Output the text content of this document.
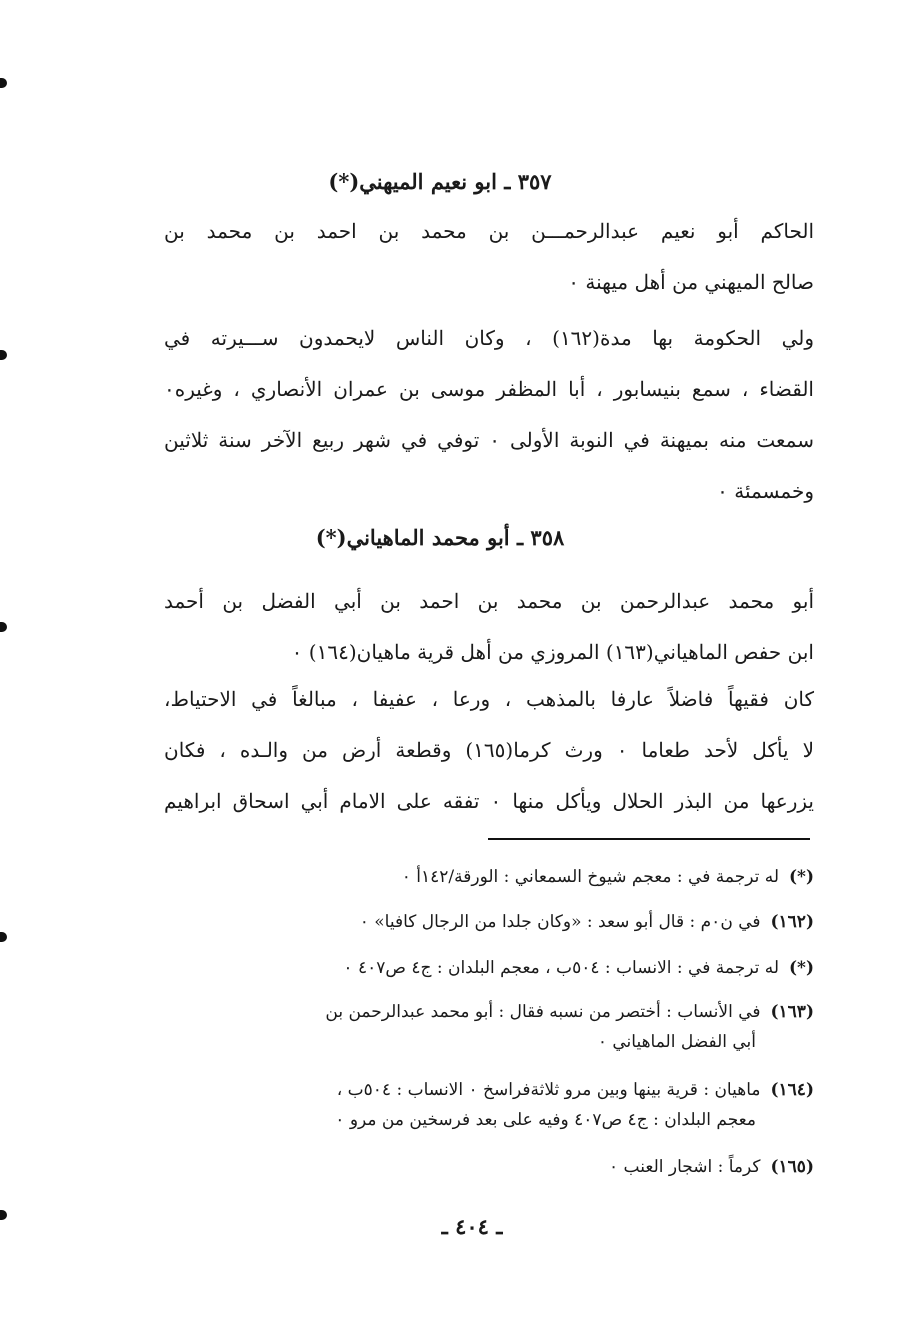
٣٥٧ ـ ابو نعيم الميهني(*)
الحاكم أبو نعيم عبدالرحمـــن بن محمد بن احمد بن محمد بن
صالح الميهني من أهل ميهنة ٠
ولي الحكومة بها مدة(١٦٢) ، وكان الناس لايحمدون ســـيرته في
القضاء ، سمع بنيسابور ، أبا المظفر موسى بن عمران الأنصاري ، وغيره٠
سمعت منه بميهنة في النوبة الأولى ٠ توفي في شهر ربيع الآخر سنة ثلاثين
وخمسمئة ٠
٣٥٨ ـ أبو محمد الماهياني(*)
أبو محمد عبدالرحمن بن محمد بن احمد بن أبي الفضل بن أحمد
ابن حفص الماهياني(١٦٣) المروزي من أهل قرية ماهيان(١٦٤) ٠
كان فقيهاً فاضلاً عارفا بالمذهب ، ورعا ، عفيفا ، مبالغاً في الاحتياط،
لا يأكل لأحد طعاما ٠ ورث كرما(١٦٥) وقطعة أرض من والـده ، فكان
يزرعها من البذر الحلال ويأكل منها ٠ تفقه على الامام أبي اسحاق ابراهيم
(*)له ترجمة في : معجم شيوخ السمعاني : الورقة/١٤٢أ ٠
(١٦٢)في ن٠م : قال أبو سعد : «وكان جلدا من الرجال كافيا» ٠
(*)له ترجمة في : الانساب : ٥٠٤ب ، معجم البلدان : ج٤ ص٤٠٧ ٠
(١٦٣)في الأنساب : أختصر من نسبه فقال : أبو محمد عبدالرحمن بن
أبي الفضل الماهياني ٠
(١٦٤)ماهيان : قرية بينها وبين مرو ثلاثةفراسخ ٠ الانساب : ٥٠٤ب ،
معجم البلدان : ج٤ ص٤٠٧ وفيه على بعد فرسخين من مرو ٠
(١٦٥)كرماً : اشجار العنب ٠
ـ ٤٠٤ ـ
